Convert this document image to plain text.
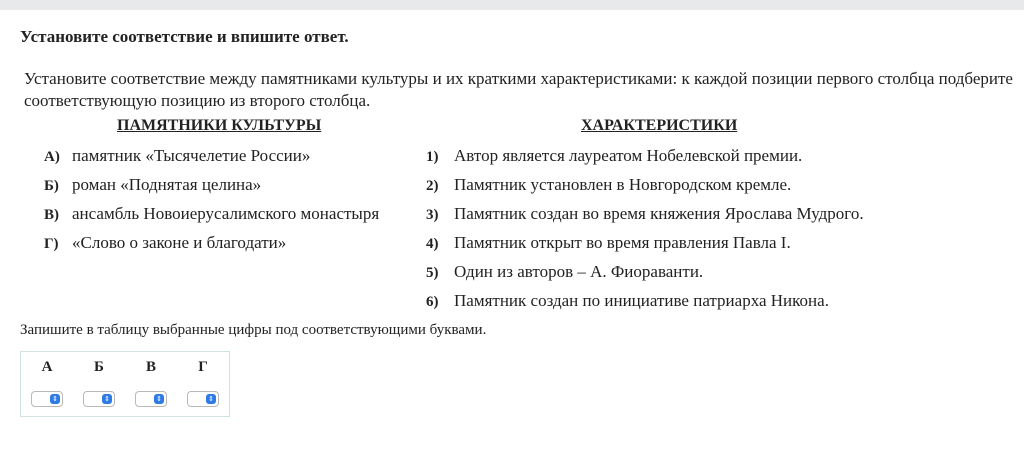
Установите соответствие и впишите ответ.
Установите соответствие между памятниками культуры и их краткими характеристиками: к каждой позиции первого столбца подберите соответствующую позицию из второго столбца.
ПАМЯТНИКИ КУЛЬТУРЫ	ХАРАКТЕРИСТИКИ
А) памятник «Тысячелетие России»
Б) роман «Поднятая целина»
В) ансамбль Новоиерусалимского монастыря
Г) «Слово о законе и благодати»
1) Автор является лауреатом Нобелевской премии.
2) Памятник установлен в Новгородском кремле.
3) Памятник создан во время княжения Ярослава Мудрого.
4) Памятник открыт во время правления Павла I.
5) Один из авторов – А. Фиораванти.
6) Памятник создан по инициативе патриарха Никона.
Запишите в таблицу выбранные цифры под соответствующими буквами.
А	Б	В	Г

⇕	⇕	⇕	⇕
